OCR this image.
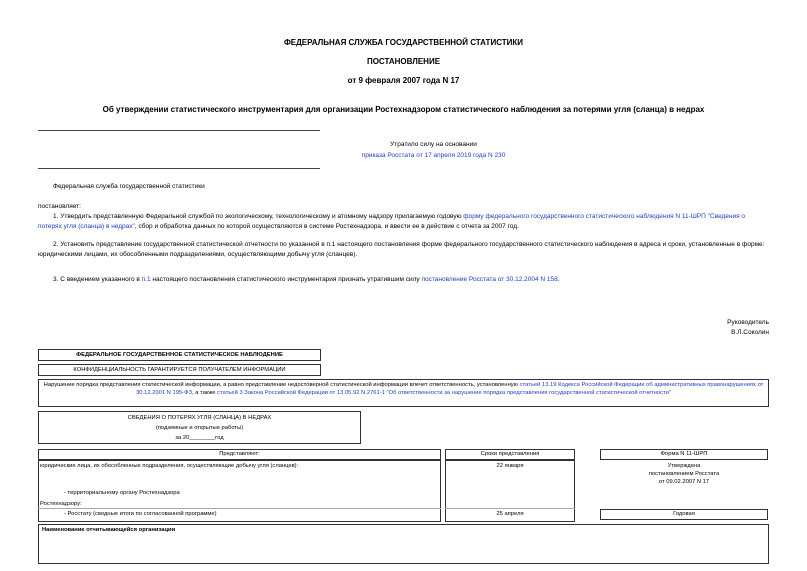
ФЕДЕРАЛЬНАЯ СЛУЖБА ГОСУДАРСТВЕННОЙ СТАТИСТИКИ
ПОСТАНОВЛЕНИЕ
от 9 февраля 2007 года N 17
Об утверждении статистического инструментария для организации Ростехнадзором статистического наблюдения за потерями угля (сланца) в недрах
Утратило силу на основании
приказа Росстата от 17 апреля 2019 года N 230
Федеральная служба государственной статистики
постановляет:
1. Утвердить представленную Федеральной службой по экологическому, технологическому и атомному надзору прилагаемую годовую форму федерального государственного статистического наблюдения N 11-ШРП "Сведения о потерях угля (сланца) в недрах", сбор и обработка данных по которой осуществляются в системе Ростехнадзора, и ввести ее в действие с отчета за 2007 год.
2. Установить представление государственной статистической отчетности по указанной в п.1 настоящего постановления форме федерального государственного статистического наблюдения в адреса и сроки, установленные в форме: юридическими лицами, их обособленными подразделениями, осуществляющими добычу угля (сланцев).
3. С введением указанного в п.1 настоящего постановления статистического инструментария признать утратившим силу постановление Росстата от 30.12.2004 N 158.
Руководитель
В.Л.Соколин
ФЕДЕРАЛЬНОЕ ГОСУДАРСТВЕННОЕ СТАТИСТИЧЕСКОЕ НАБЛЮДЕНИЕ
КОНФИДЕНЦИАЛЬНОСТЬ ГАРАНТИРУЕТСЯ ПОЛУЧАТЕЛЕМ ИНФОРМАЦИИ
Нарушение порядка представления статистической информации, а равно представление недостоверной статистической информации влечет ответственность, установленную статьей 13.19 Кодекса Российской Федерации об административных правонарушениях от 30.12.2001 N 195-ФЗ, а также статьей 3 Закона Российской Федерации от 13.05.92 N 2761-1 "Об ответственности за нарушение порядка представления государственной статистической отчетности"
СВЕДЕНИЯ О ПОТЕРЯХ УГЛЯ (СЛАНЦА) В НЕДРАХ
(подземные и открытые работы)
за 20________год
Представляют:	Сроки представления	Форма N 11-ШРП
юридические лица, их обособленные подразделения, осуществляющие добычу угля (сланцев):	22 января	Утверждена
постановлением Росстата
от 09.02.2007 N 17
- территориальному органу Ростехнадзора
Ростехнадзору:
- Росстату (сводные итоги по согласованной программе)	25 апреля	Годовая
Наименование отчитывающейся организации
